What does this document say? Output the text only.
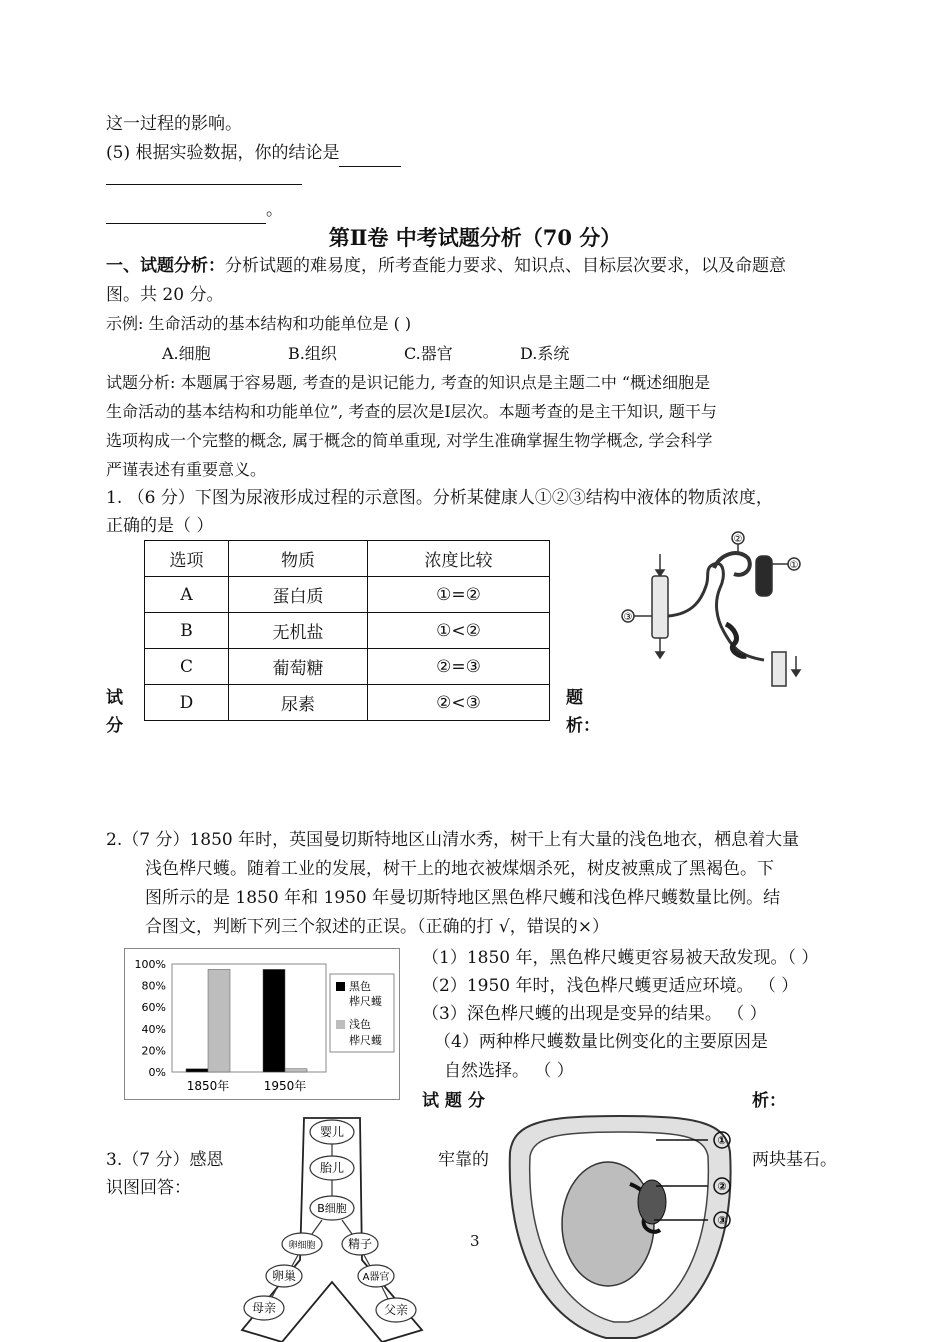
这一过程的影响。
(5) 根据实验数据，你的结论是
。
第Ⅱ卷 中考试题分析（70 分）
一、试题分析：分析试题的难易度，所考查能力要求、知识点、目标层次要求，以及命题意
图。共 20 分。
示例: 生命活动的基本结构和功能单位是 ( )
A.细胞	B.组织	C.器官	D.系统
试题分析: 本题属于容易题, 考查的是识记能力, 考查的知识点是主题二中 “概述细胞是
生命活动的基本结构和功能单位”, 考查的层次是I层次。本题考查的是主干知识, 题干与
选项构成一个完整的概念, 属于概念的简单重现, 对学生准确掌握生物学概念, 学会科学
严谨表述有重要意义。
1. （6 分）下图为尿液形成过程的示意图。分析某健康人①②③结构中液体的物质浓度，
正确的是（ ）
选项	物质	浓度比较
A	蛋白质	①=②
B	无机盐	①<②
C	葡萄糖	②=③
D	尿素	②<③
试
分
题
析：
②
①
③
2.（7 分）1850 年时，英国曼切斯特地区山清水秀，树干上有大量的浅色地衣，栖息着大量
浅色桦尺蠖。随着工业的发展，树干上的地衣被煤烟杀死，树皮被熏成了黑褐色。下
图所示的是 1850 年和 1950 年曼切斯特地区黑色桦尺蠖和浅色桦尺蠖数量比例。结
合图文，判断下列三个叙述的正误。（正确的打 √，错误的×）
100%
80%
60%
40%
20%
0%
1850年	1950年
黑色
桦尺蠖
浅色
桦尺蠖
（1）1850 年，黑色桦尺蠖更容易被天敌发现。（ ）
（2）1950 年时，浅色桦尺蠖更适应环境。 （ ）
（3）深色桦尺蠖的出现是变异的结果。 （ ）
（4）两种桦尺蠖数量比例变化的主要原因是
自然选择。 （ ）
试 题 分	析：
3.（7 分）感恩	牢靠的	两块基石。
识图回答：
婴儿
胎儿
B细胞
卵细胞	精子
卵巢	A器官
母亲	父亲
①
②
③
3
